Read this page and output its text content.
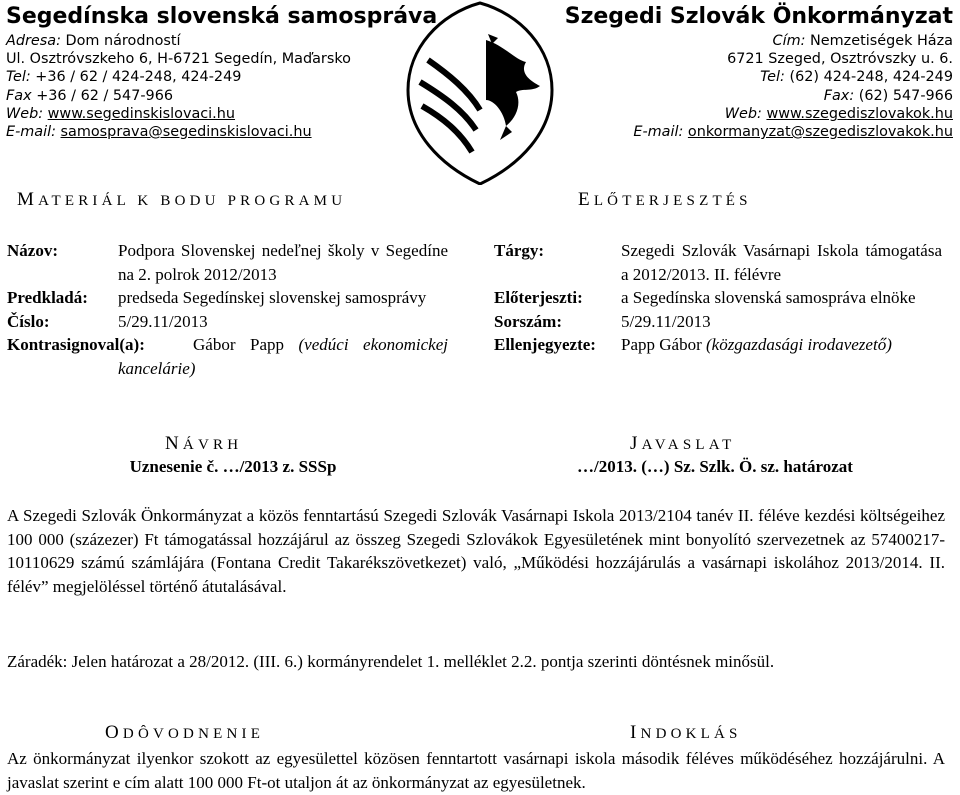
Segedínska slovenská samospráva
Adresa: Dom národností
Ul. Osztróvszkeho 6, H-6721 Segedín, Maďarsko
Tel: +36 / 62 / 424-248, 424-249
Fax +36 / 62 / 547-966
Web: www.segedinskislovaci.hu
E-mail: samosprava@segedinskislovaci.hu
Szegedi Szlovák Önkormányzat
Cím: Nemzetiségek Háza
6721 Szeged, Osztróvszky u. 6.
Tel: (62) 424-248, 424-249
Fax: (62) 547-966
Web: www.szegediszlovakok.hu
E-mail: onkormanyzat@szegediszlovakok.hu
MATERIÁL K BODU PROGRAMU	ELŐTERJESZTÉS
Názov:	Podpora Slovenskej nedeľnej školy v Segedíne na 2. polrok 2012/2013
Predkladá: predseda Segedínskej slovenskej samosprávy
Číslo:	5/29.11/2013
Kontrasignoval(a):	Gábor Papp (vedúci ekonomickej kancelárie)
Tárgy:	Szegedi Szlovák Vasárnapi Iskola támogatása a 2012/2013. II. félévre
Előterjeszti: a Segedínska slovenská samospráva elnöke
Sorszám:	5/29.11/2013
Ellenjegyezte: Papp Gábor (közgazdasági irodavezető)
NÁVRH
Uznesenie č. …/2013 z. SSSp
JAVASLAT
…/2013. (…) Sz. Szlk. Ö. sz. határozat
A Szegedi Szlovák Önkormányzat a közös fenntartású Szegedi Szlovák Vasárnapi Iskola 2013/2104 tanév II. féléve kezdési költségeihez 100 000 (százezer) Ft támogatással hozzájárul az összeg Szegedi Szlovákok Egyesületének mint bonyolító szervezetnek az 57400217-10110629 számú számlájára (Fontana Credit Takarékszövetkezet) való, „Működési hozzájárulás a vasárnapi iskolához 2013/2014. II. félév” megjelöléssel történő átutalásával.
Záradék: Jelen határozat a 28/2012. (III. 6.) kormányrendelet 1. melléklet 2.2. pontja szerinti döntésnek minősül.
ODÔVODNENIE	INDOKLÁS
Az önkormányzat ilyenkor szokott az egyesülettel közösen fenntartott vasárnapi iskola második féléves működéséhez hozzájárulni. A javaslat szerint e cím alatt 100 000 Ft-ot utaljon át az önkormányzat az egyesületnek.
